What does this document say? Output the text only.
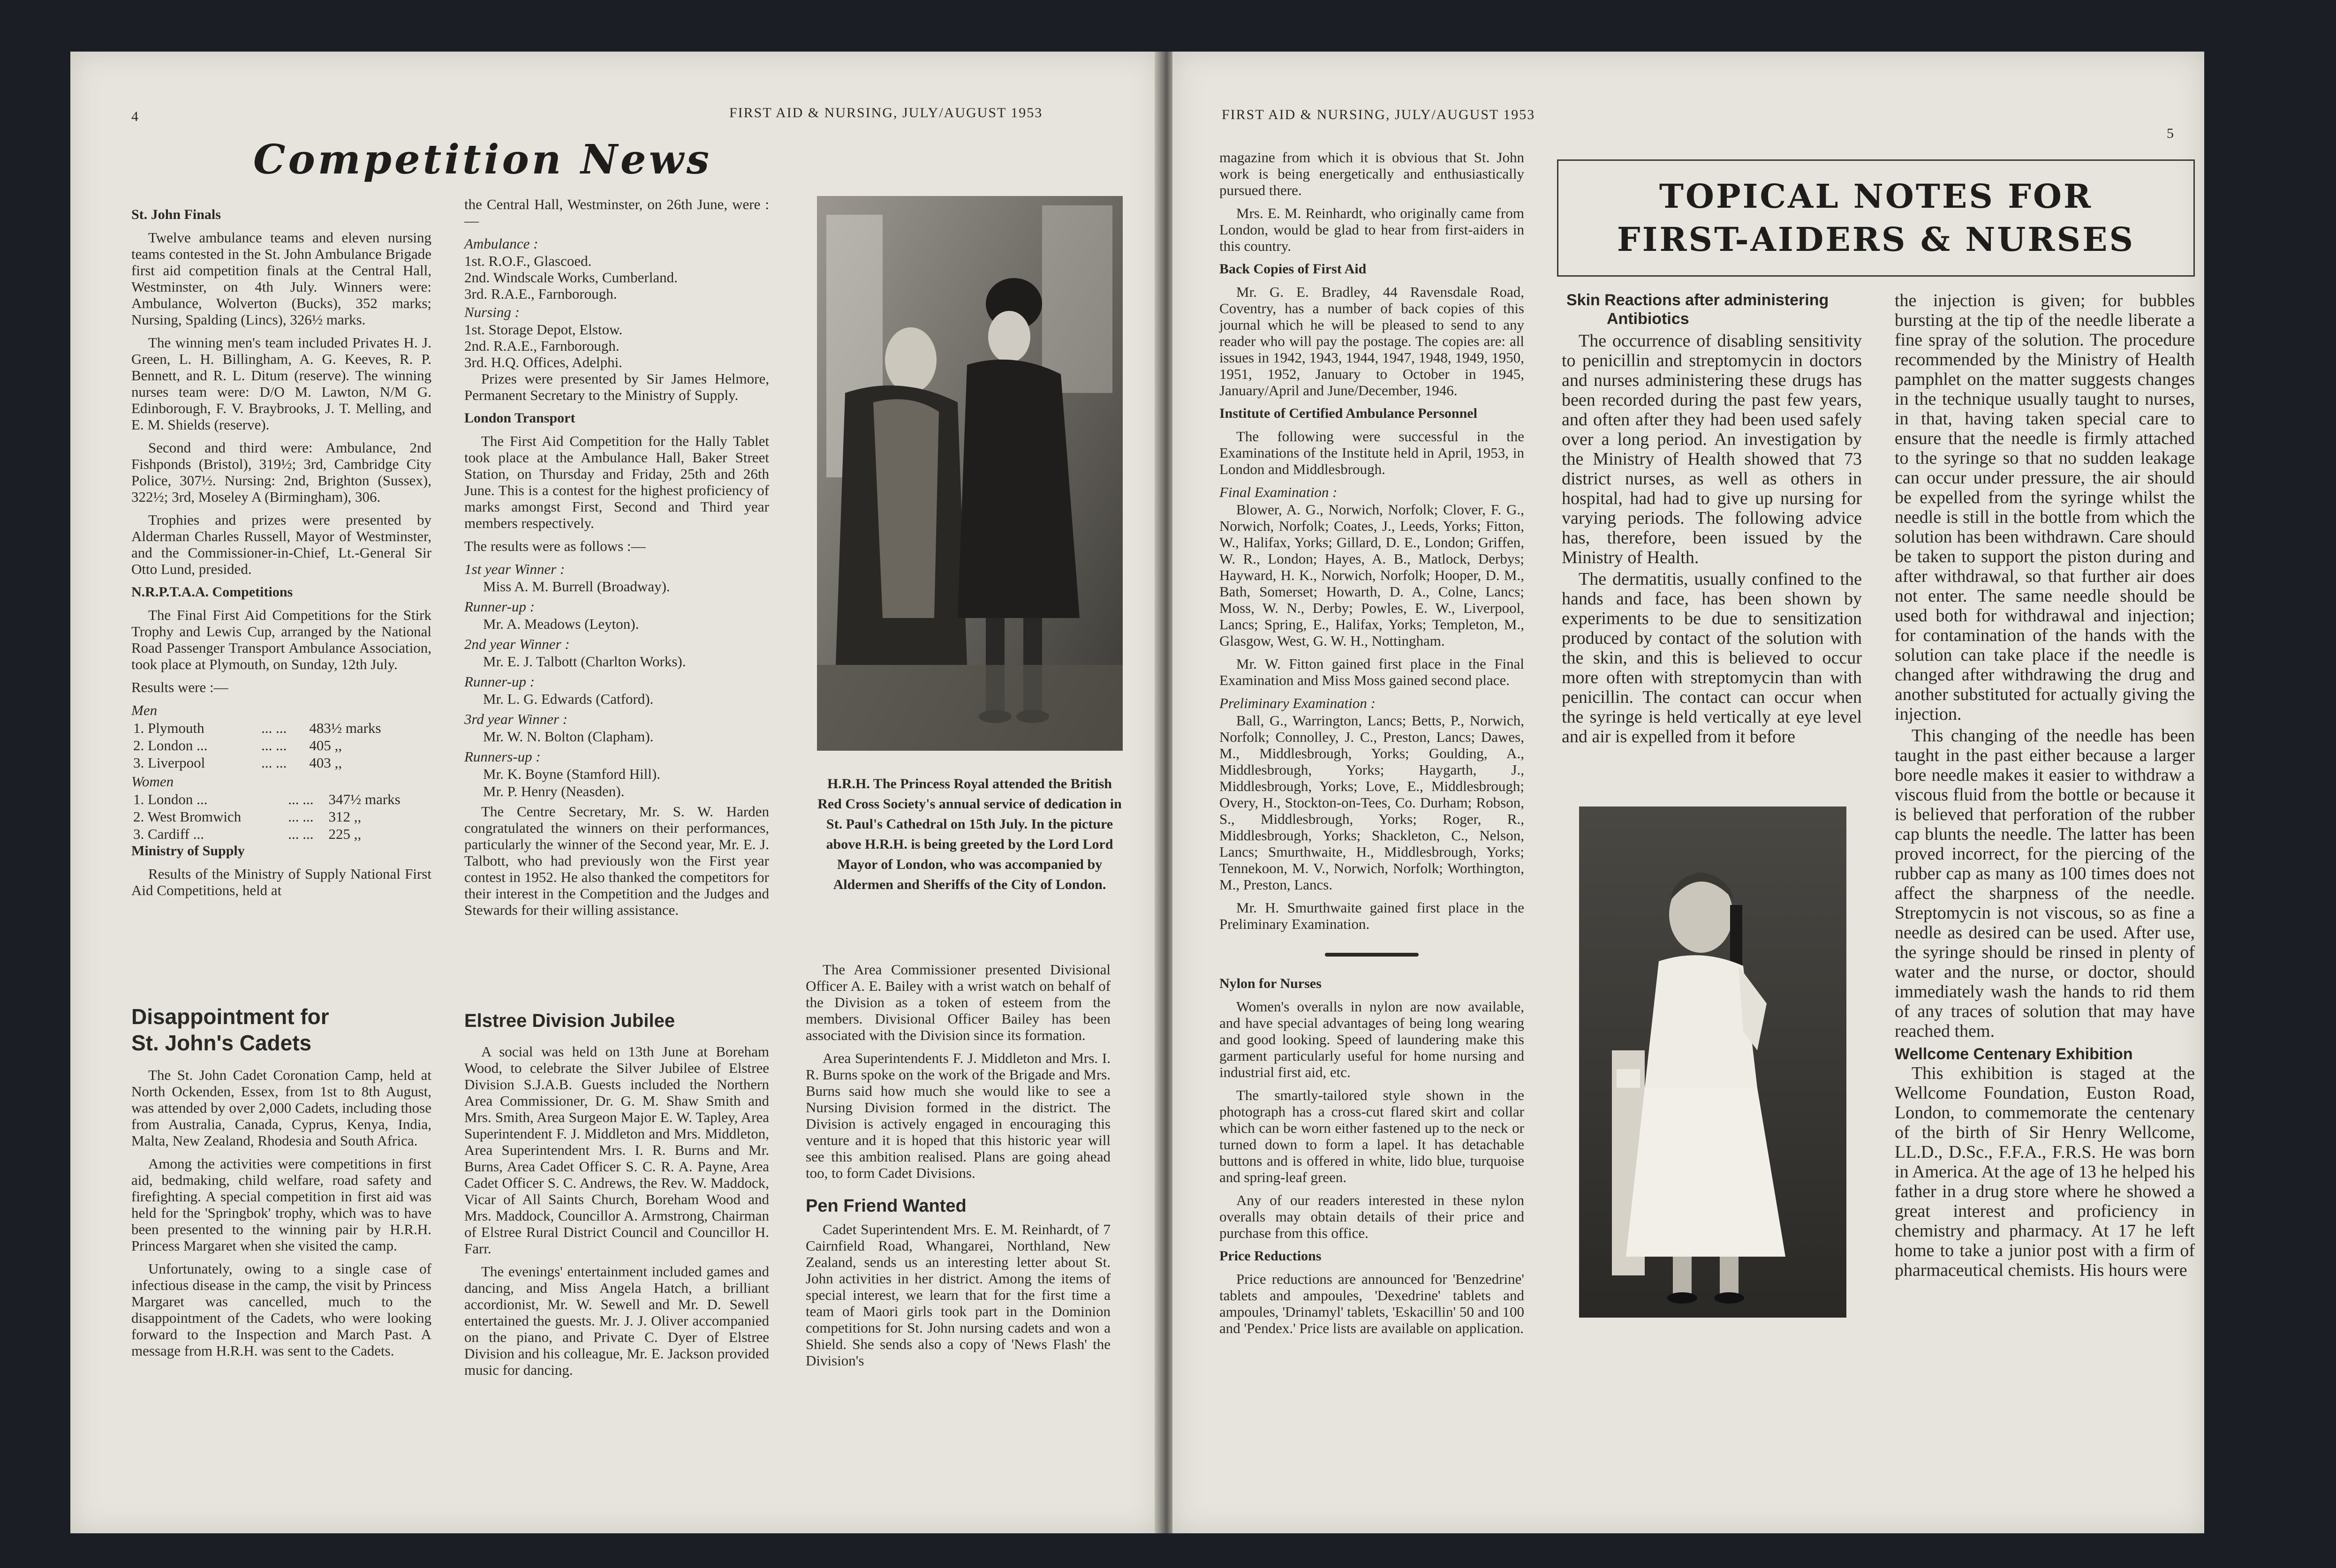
4	FIRST AID & NURSING, JULY/AUGUST 1953
Competition News

St. John Finals

Twelve ambulance teams and eleven nursing teams contested in the St. John Ambulance Brigade first aid competition finals at the Central Hall, Westminster, on 4th July. Winners were: Ambulance, Wolverton (Bucks), 352 marks; Nursing, Spalding (Lincs), 326½ marks.

The winning men's team included Privates H. J. Green, L. H. Billingham, A. G. Keeves, R. P. Bennett, and R. L. Ditum (reserve). The winning nurses team were: D/O M. Lawton, N/M G. Edinborough, F. V. Braybrooks, J. T. Melling, and E. M. Shields (reserve).

Second and third were: Ambulance, 2nd Fishponds (Bristol), 319½; 3rd, Cambridge City Police, 307½. Nursing: 2nd, Brighton (Sussex), 322½; 3rd, Moseley A (Birmingham), 306.

Trophies and prizes were presented by Alderman Charles Russell, Mayor of Westminster, and the Commissioner-in-Chief, Lt.-General Sir Otto Lund, presided.

N.R.P.T.A.A. Competitions

The Final First Aid Competitions for the Stirk Trophy and Lewis Cup, arranged by the National Road Passenger Transport Ambulance Association, took place at Plymouth, on Sunday, 12th July.

Results were :—

Men

1. Plymouth	... ...	483½ marks
2. London ...	... ...	405 ,,
3. Liverpool	... ...	403 ,,

Women

1. London ...	... ...	347½ marks
2. West Bromwich	... ...	312 ,,
3. Cardiff ...	... ...	225 ,,

Ministry of Supply

Results of the Ministry of Supply National First Aid Competitions, held at

the Central Hall, Westminster, on 26th June, were :—

Ambulance :

1st. R.O.F., Glascoed.

2nd. Windscale Works, Cumberland.

3rd. R.A.E., Farnborough.

Nursing :

1st. Storage Depot, Elstow.

2nd. R.A.E., Farnborough.

3rd. H.Q. Offices, Adelphi.

Prizes were presented by Sir James Helmore, Permanent Secretary to the Ministry of Supply.

London Transport

The First Aid Competition for the Hally Tablet took place at the Ambulance Hall, Baker Street Station, on Thursday and Friday, 25th and 26th June. This is a contest for the highest proficiency of marks amongst First, Second and Third year members respectively.

The results were as follows :—

1st year Winner :

Miss A. M. Burrell (Broadway).

Runner-up :

Mr. A. Meadows (Leyton).

2nd year Winner :

Mr. E. J. Talbott (Charlton Works).

Runner-up :

Mr. L. G. Edwards (Catford).

3rd year Winner :

Mr. W. N. Bolton (Clapham).

Runners-up :

Mr. K. Boyne (Stamford Hill).

Mr. P. Henry (Neasden).

The Centre Secretary, Mr. S. W. Harden congratulated the winners on their performances, particularly the winner of the Second year, Mr. E. J. Talbott, who had previously won the First year contest in 1952. He also thanked the competitors for their interest in the Competition and the Judges and Stewards for their willing assistance.

H.R.H. The Princess Royal attended the British Red Cross Society's annual service of dedication in St. Paul's Cathedral on 15th July. In the picture above H.R.H. is being greeted by the Lord Lord Mayor of London, who was accompanied by Aldermen and Sheriffs of the City of London.
Disappointment for
St. John's Cadets

The St. John Cadet Coronation Camp, held at North Ockenden, Essex, from 1st to 8th August, was attended by over 2,000 Cadets, including those from Australia, Canada, Cyprus, Kenya, India, Malta, New Zealand, Rhodesia and South Africa.

Among the activities were competitions in first aid, bedmaking, child welfare, road safety and firefighting. A special competition in first aid was held for the 'Springbok' trophy, which was to have been presented to the winning pair by H.R.H. Princess Margaret when she visited the camp.

Unfortunately, owing to a single case of infectious disease in the camp, the visit by Princess Margaret was cancelled, much to the disappointment of the Cadets, who were looking forward to the Inspection and March Past. A message from H.R.H. was sent to the Cadets.

Elstree Division Jubilee

A social was held on 13th June at Boreham Wood, to celebrate the Silver Jubilee of Elstree Division S.J.A.B. Guests included the Northern Area Commissioner, Dr. G. M. Shaw Smith and Mrs. Smith, Area Surgeon Major E. W. Tapley, Area Superintendent F. J. Middleton and Mrs. Middleton, Area Superintendent Mrs. I. R. Burns and Mr. Burns, Area Cadet Officer S. C. R. A. Payne, Area Cadet Officer S. C. Andrews, the Rev. W. Maddock, Vicar of All Saints Church, Boreham Wood and Mrs. Maddock, Councillor A. Armstrong, Chairman of Elstree Rural District Council and Councillor H. Farr.

The evenings' entertainment included games and dancing, and Miss Angela Hatch, a brilliant accordionist, Mr. W. Sewell and Mr. D. Sewell entertained the guests. Mr. J. J. Oliver accompanied on the piano, and Private C. Dyer of Elstree Division and his colleague, Mr. E. Jackson provided music for dancing.

The Area Commissioner presented Divisional Officer A. E. Bailey with a wrist watch on behalf of the Division as a token of esteem from the members. Divisional Officer Bailey has been associated with the Division since its formation.

Area Superintendents F. J. Middleton and Mrs. I. R. Burns spoke on the work of the Brigade and Mrs. Burns said how much she would like to see a Nursing Division formed in the district. The Division is actively engaged in encouraging this venture and it is hoped that this historic year will see this ambition realised. Plans are going ahead too, to form Cadet Divisions.

Pen Friend Wanted

Cadet Superintendent Mrs. E. M. Reinhardt, of 7 Cairnfield Road, Whangarei, Northland, New Zealand, sends us an interesting letter about St. John activities in her district. Among the items of special interest, we learn that for the first time a team of Maori girls took part in the Dominion competitions for St. John nursing cadets and won a Shield. She sends also a copy of 'News Flash' the Division's

FIRST AID & NURSING, JULY/AUGUST 1953
5
TOPICAL NOTES FOR
FIRST-AIDERS & NURSES

magazine from which it is obvious that St. John work is being energetically and enthusiastically pursued there.

Mrs. E. M. Reinhardt, who originally came from London, would be glad to hear from first-aiders in this country.

Back Copies of First Aid

Mr. G. E. Bradley, 44 Ravensdale Road, Coventry, has a number of back copies of this journal which he will be pleased to send to any reader who will pay the postage. The copies are: all issues in 1942, 1943, 1944, 1947, 1948, 1949, 1950, 1951, 1952, January to October in 1945, January/April and June/December, 1946.

Institute of Certified Ambulance Personnel

The following were successful in the Examinations of the Institute held in April, 1953, in London and Middlesbrough.

Final Examination :

Blower, A. G., Norwich, Norfolk; Clover, F. G., Norwich, Norfolk; Coates, J., Leeds, Yorks; Fitton, W., Halifax, Yorks; Gillard, D. E., London; Griffen, W. R., London; Hayes, A. B., Matlock, Derbys; Hayward, H. K., Norwich, Norfolk; Hooper, D. M., Bath, Somerset; Howarth, D. A., Colne, Lancs; Moss, W. N., Derby; Powles, E. W., Liverpool, Lancs; Spring, E., Halifax, Yorks; Templeton, M., Glasgow, West, G. W. H., Nottingham.

Mr. W. Fitton gained first place in the Final Examination and Miss Moss gained second place.

Preliminary Examination :

Ball, G., Warrington, Lancs; Betts, P., Norwich, Norfolk; Connolley, J. C., Preston, Lancs; Dawes, M., Middlesbrough, Yorks; Goulding, A., Middlesbrough, Yorks; Haygarth, J., Middlesbrough, Yorks; Love, E., Middlesbrough; Overy, H., Stockton-on-Tees, Co. Durham; Robson, S., Middlesbrough, Yorks; Roger, R., Middlesbrough, Yorks; Shackleton, C., Nelson, Lancs; Smurthwaite, H., Middlesbrough, Yorks; Tennekoon, M. V., Norwich, Norfolk; Worthington, M., Preston, Lancs.

Mr. H. Smurthwaite gained first place in the Preliminary Examination.

Nylon for Nurses

Women's overalls in nylon are now available, and have special advantages of being long wearing and good looking. Speed of laundering make this garment particularly useful for home nursing and industrial first aid, etc.

The smartly-tailored style shown in the photograph has a cross-cut flared skirt and collar which can be worn either fastened up to the neck or turned down to form a lapel. It has detachable buttons and is offered in white, lido blue, turquoise and spring-leaf green.

Any of our readers interested in these nylon overalls may obtain details of their price and purchase from this office.

Price Reductions

Price reductions are announced for 'Benzedrine' tablets and ampoules, 'Dexedrine' tablets and ampoules, 'Drinamyl' tablets, 'Eskacillin' 50 and 100 and 'Pendex.' Price lists are available on application.

Skin Reactions after administering
Antibiotics

The occurrence of disabling sensitivity to penicillin and streptomycin in doctors and nurses administering these drugs has been recorded during the past few years, and often after they had been used safely over a long period. An investigation by the Ministry of Health showed that 73 district nurses, as well as others in hospital, had had to give up nursing for varying periods. The following advice has, therefore, been issued by the Ministry of Health.

The dermatitis, usually confined to the hands and face, has been shown by experiments to be due to sensitization produced by contact of the solution with the skin, and this is believed to occur more often with streptomycin than with penicillin. The contact can occur when the syringe is held vertically at eye level and air is expelled from it before

the injection is given; for bubbles bursting at the tip of the needle liberate a fine spray of the solution. The procedure recommended by the Ministry of Health pamphlet on the matter suggests changes in the technique usually taught to nurses, in that, having taken special care to ensure that the needle is firmly attached to the syringe so that no sudden leakage can occur under pressure, the air should be expelled from the syringe whilst the needle is still in the bottle from which the solution has been withdrawn. Care should be taken to support the piston during and after withdrawal, so that further air does not enter. The same needle should be used both for withdrawal and injection; for contamination of the hands with the solution can take place if the needle is changed after withdrawing the drug and another substituted for actually giving the injection.

This changing of the needle has been taught in the past either because a larger bore needle makes it easier to withdraw a viscous fluid from the bottle or because it is believed that perforation of the rubber cap blunts the needle. The latter has been proved incorrect, for the piercing of the rubber cap as many as 100 times does not affect the sharpness of the needle. Streptomycin is not viscous, so as fine a needle as desired can be used. After use, the syringe should be rinsed in plenty of water and the nurse, or doctor, should immediately wash the hands to rid them of any traces of solution that may have reached them.

Wellcome Centenary Exhibition

This exhibition is staged at the Wellcome Foundation, Euston Road, London, to commemorate the centenary of the birth of Sir Henry Wellcome, LL.D., D.Sc., F.F.A., F.R.S. He was born in America. At the age of 13 he helped his father in a drug store where he showed a great interest and proficiency in chemistry and pharmacy. At 17 he left home to take a junior post with a firm of pharmaceutical chemists. His hours were
